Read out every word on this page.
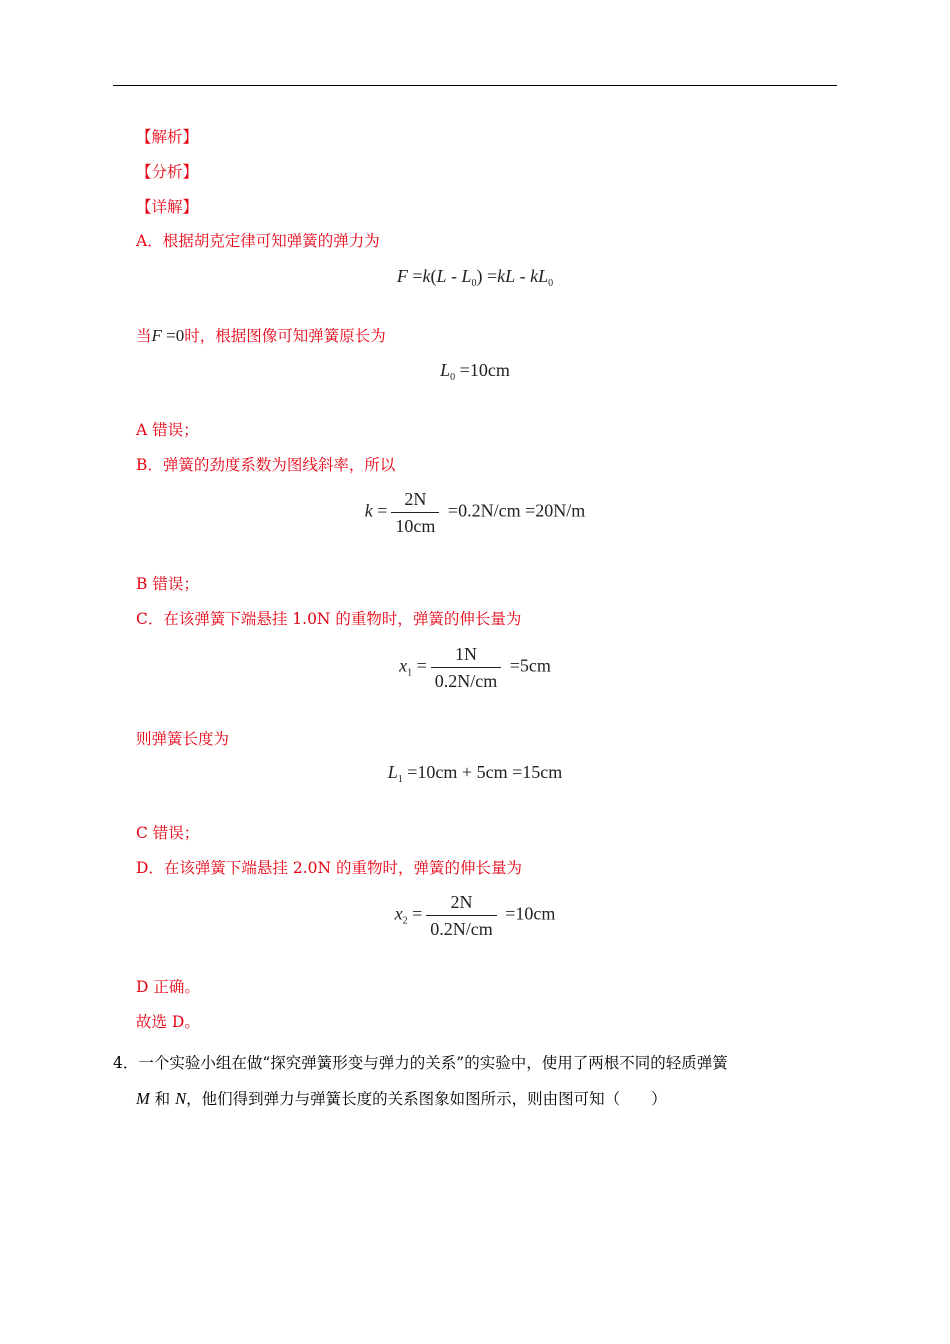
【解析】
【分析】
【详解】
A．根据胡克定律可知弹簧的弹力为
$F =k(L - L_0) =kL - kL_0$
当F =0时，根据图像可知弹簧原长为
$L_0 =10cm$
A 错误；
B．弹簧的劲度系数为图线斜率，所以
$k = \frac{2N}{10cm} =0.2N/cm =20N/m$
B 错误；
C．在该弹簧下端悬挂 1.0N 的重物时，弹簧的伸长量为
$x_1 = \frac{1N}{0.2N/cm} =5cm$
则弹簧长度为
$L_1 =10cm + 5cm =15cm$
C 错误；
D．在该弹簧下端悬挂 2.0N 的重物时，弹簧的伸长量为
$x_2 = \frac{2N}{0.2N/cm} =10cm$
D 正确。
故选 D。
4．一个实验小组在做“探究弹簧形变与弹力的关系”的实验中，使用了两根不同的轻质弹簧
M 和 N，他们得到弹力与弹簧长度的关系图象如图所示，则由图可知（　　）
